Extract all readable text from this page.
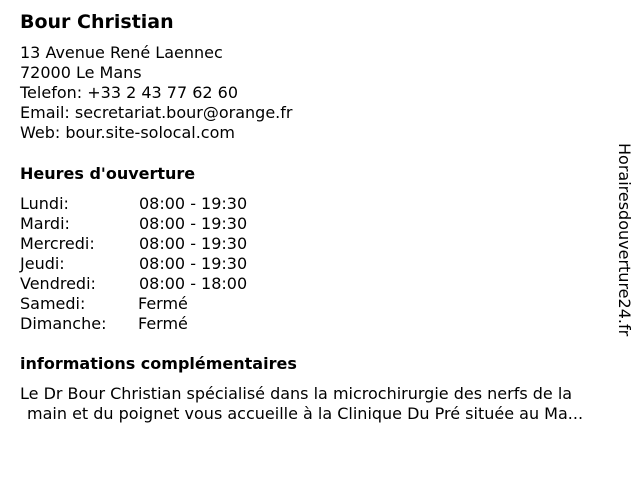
Bour Christian
13 Avenue René Laennec
72000 Le Mans
Telefon: +33 2 43 77 62 60
Email: secretariat.bour@orange.fr
Web: bour.site-solocal.com
Heures d'ouverture
Lundi:	08:00 - 19:30
Mardi:	08:00 - 19:30
Mercredi:	08:00 - 19:30
Jeudi:	08:00 - 19:30
Vendredi:	08:00 - 18:00
Samedi:	Fermé
Dimanche: Fermé
informations complémentaires
Le Dr Bour Christian spécialisé dans la microchirurgie des nerfs de la
main et du poignet vous accueille à la Clinique Du Pré située au Ma...
Horairesdouverture24.fr
